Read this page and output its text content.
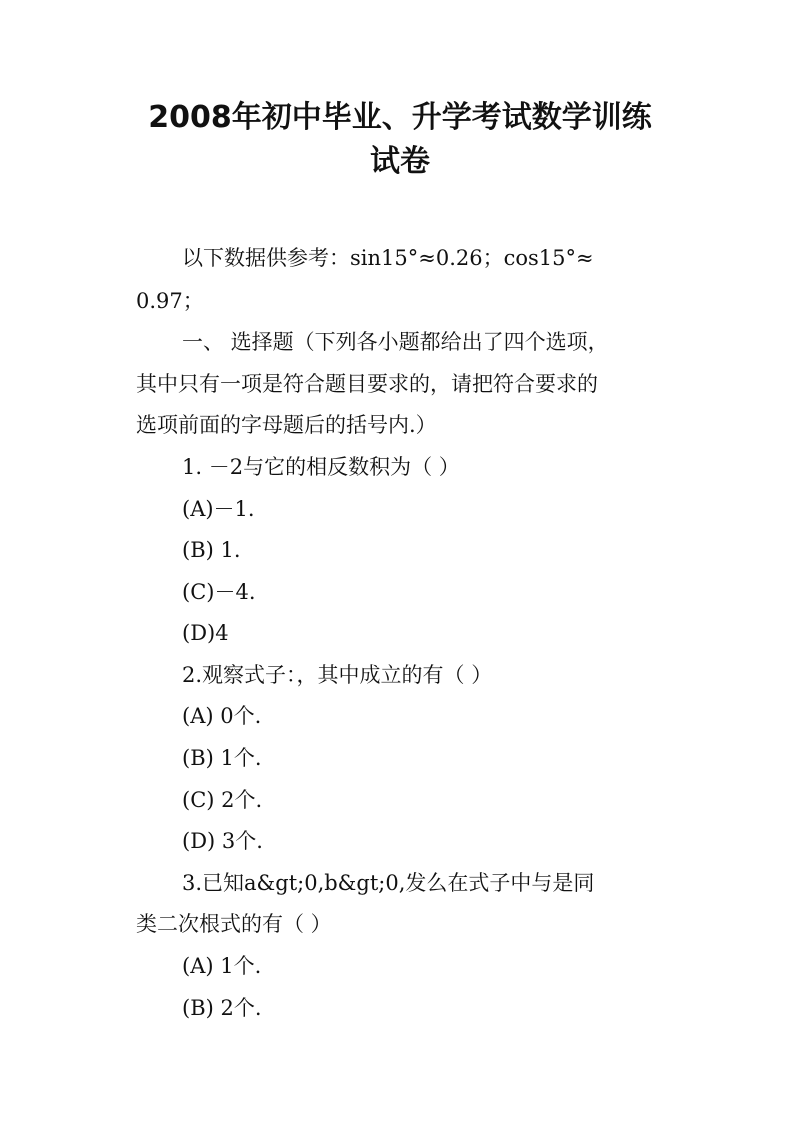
2008年初中毕业、升学考试数学训练
试卷
以下数据供参考：sin15°≈0.26；cos15°≈
0.97；
一、 选择题（下列各小题都给出了四个选项，
其中只有一项是符合题目要求的，请把符合要求的
选项前面的字母题后的括号内.）
1. －2与它的相反数积为（ ）
(A)－1.
(B) 1.
(C)－4.
(D)4
2.观察式子：，其中成立的有（ ）
(A) 0个.
(B) 1个.
(C) 2个.
(D) 3个.
3.已知a&gt;0,b&gt;0,发么在式子中与是同
类二次根式的有（ ）
(A) 1个.
(B) 2个.
